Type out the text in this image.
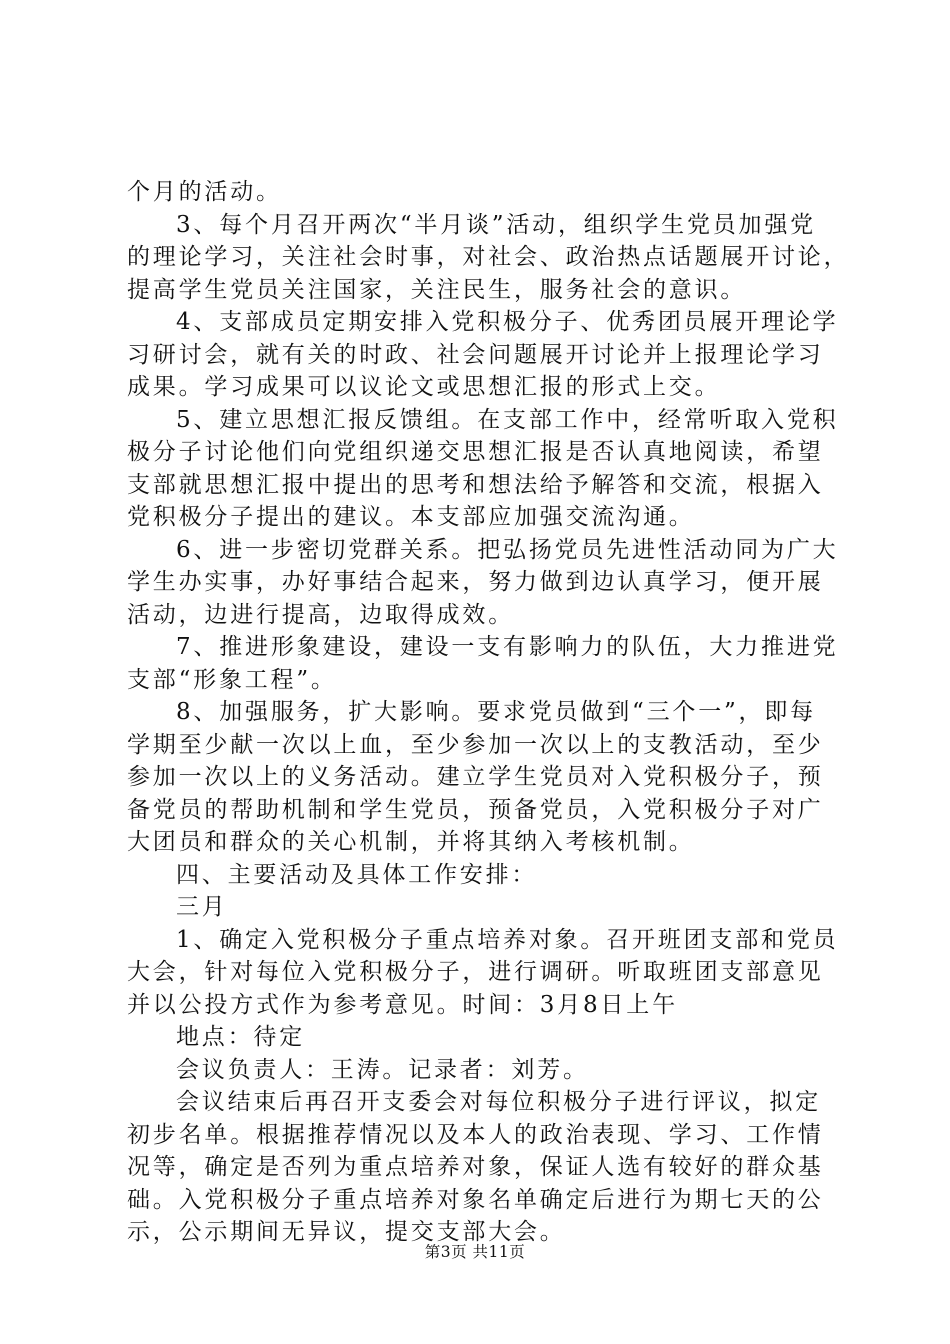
个月的活动。
3、每个月召开两次“半月谈”活动，组织学生党员加强党
的理论学习，关注社会时事，对社会、政治热点话题展开讨论，
提高学生党员关注国家，关注民生，服务社会的意识。
4、支部成员定期安排入党积极分子、优秀团员展开理论学
习研讨会，就有关的时政、社会问题展开讨论并上报理论学习
成果。学习成果可以议论文或思想汇报的形式上交。
5、建立思想汇报反馈组。在支部工作中，经常听取入党积
极分子讨论他们向党组织递交思想汇报是否认真地阅读，希望
支部就思想汇报中提出的思考和想法给予解答和交流，根据入
党积极分子提出的建议。本支部应加强交流沟通。
6、进一步密切党群关系。把弘扬党员先进性活动同为广大
学生办实事，办好事结合起来，努力做到边认真学习，便开展
活动，边进行提高，边取得成效。
7、推进形象建设，建设一支有影响力的队伍，大力推进党
支部“形象工程”。
8、加强服务，扩大影响。要求党员做到“三个一”，即每
学期至少献一次以上血，至少参加一次以上的支教活动，至少
参加一次以上的义务活动。建立学生党员对入党积极分子，预
备党员的帮助机制和学生党员，预备党员，入党积极分子对广
大团员和群众的关心机制，并将其纳入考核机制。
四、主要活动及具体工作安排：
三月
1、确定入党积极分子重点培养对象。召开班团支部和党员
大会，针对每位入党积极分子，进行调研。听取班团支部意见
并以公投方式作为参考意见。时间：3月8日上午
地点：待定
会议负责人：王涛。记录者：刘芳。
会议结束后再召开支委会对每位积极分子进行评议，拟定
初步名单。根据推荐情况以及本人的政治表现、学习、工作情
况等，确定是否列为重点培养对象，保证人选有较好的群众基
础。入党积极分子重点培养对象名单确定后进行为期七天的公
示，公示期间无异议，提交支部大会。
第3页 共11页
